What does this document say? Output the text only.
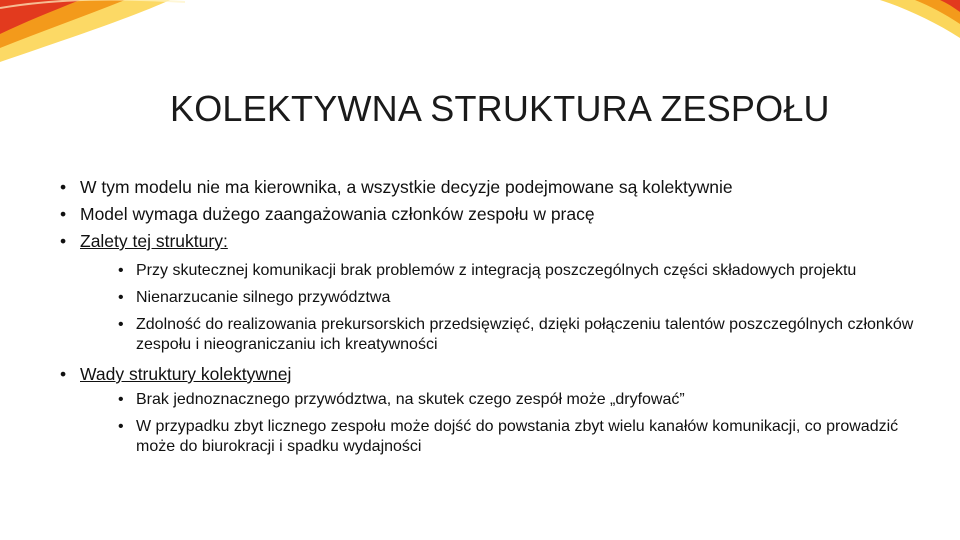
KOLEKTYWNA STRUKTURA ZESPOŁU
• W tym modelu nie ma kierownika, a wszystkie decyzje podejmowane są kolektywnie
• Model wymaga dużego zaangażowania członków zespołu w pracę
• Zalety tej struktury:
• Przy skutecznej komunikacji brak problemów z integracją poszczególnych części składowych projektu
• Nienarzucanie silnego przywództwa
• Zdolność do realizowania prekursorskich przedsięwzięć, dzięki połączeniu talentów poszczególnych członków zespołu i nieograniczaniu ich kreatywności
• Wady struktury kolektywnej
• Brak jednoznacznego przywództwa, na skutek czego zespół może „dryfować”
• W przypadku zbyt licznego zespołu może dojść do powstania zbyt wielu kanałów komunikacji, co prowadzić może do biurokracji i spadku wydajności
